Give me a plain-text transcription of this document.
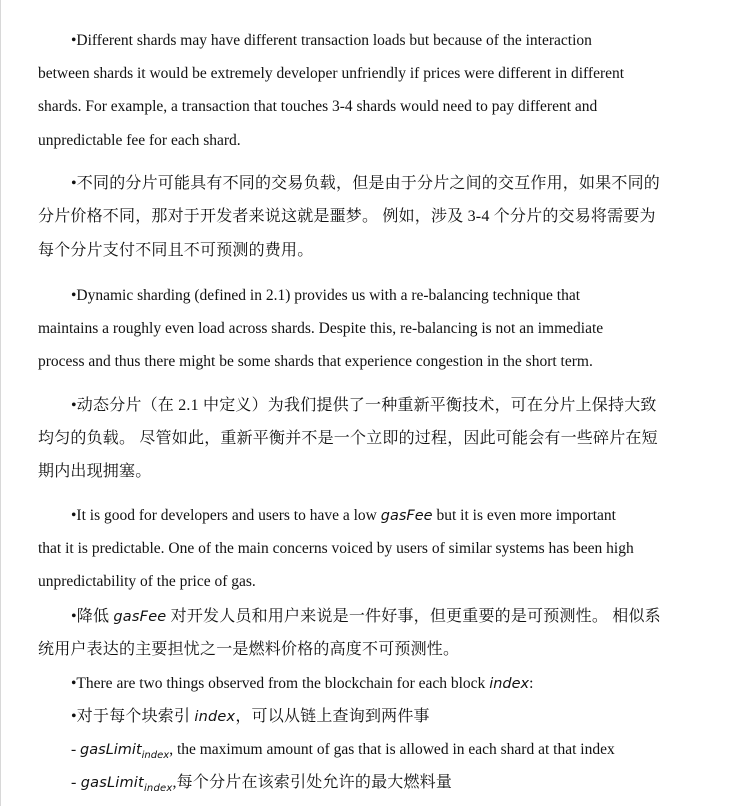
•Different shards may have different transaction loads but because of the interaction
between shards it would be extremely developer unfriendly if prices were different in different
shards. For example, a transaction that touches 3-4 shards would need to pay different and
unpredictable fee for each shard.
•不同的分片可能具有不同的交易负载，但是由于分片之间的交互作用，如果不同的
分片价格不同，那对于开发者来说这就是噩梦。 例如，涉及 3-4 个分片的交易将需要为
每个分片支付不同且不可预测的费用。
•Dynamic sharding (defined in 2.1) provides us with a re-balancing technique that
maintains a roughly even load across shards. Despite this, re-balancing is not an immediate
process and thus there might be some shards that experience congestion in the short term.
•动态分片（在 2.1 中定义）为我们提供了一种重新平衡技术，可在分片上保持大致
均匀的负载。 尽管如此，重新平衡并不是一个立即的过程，因此可能会有一些碎片在短
期内出现拥塞。
•It is good for developers and users to have a low gasFee but it is even more important
that it is predictable. One of the main concerns voiced by users of similar systems has been high
unpredictability of the price of gas.
•降低 gasFee 对开发人员和用户来说是一件好事，但更重要的是可预测性。 相似系
统用户表达的主要担忧之一是燃料价格的高度不可预测性。
•There are two things observed from the blockchain for each block index:
•对于每个块索引 index，可以从链上查询到两件事
- gasLimit$_{index}$, the maximum amount of gas that is allowed in each shard at that index
- gasLimit$_{index}$,每个分片在该索引处允许的最大燃料量
